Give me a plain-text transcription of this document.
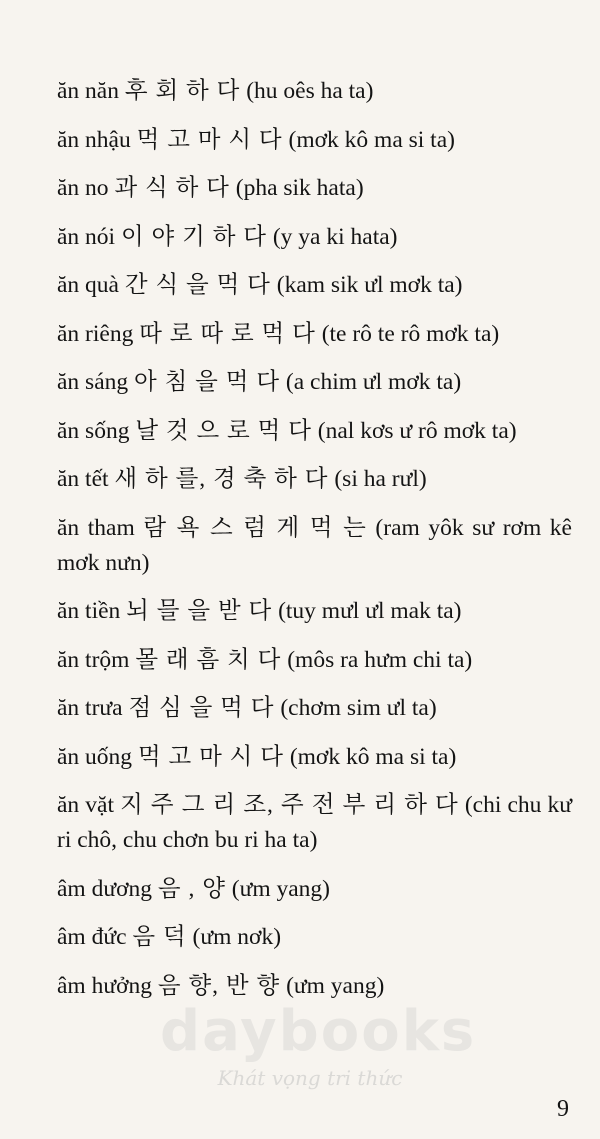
ăn năn 후 회 하 다 (hu oês ha ta)

ăn nhậu 먹 고 마 시 다 (mơk kô ma si ta)

ăn no 과 식 하 다 (pha sik hata)

ăn nói 이 야 기 하 다 (y ya ki hata)

ăn quà 간 식 을 먹 다 (kam sik ưl mơk ta)

ăn riêng 따 로 따 로 먹 다 (te rô te rô mơk ta)

ăn sáng 아 침 을 먹 다 (a chim ưl mơk ta)

ăn sống 날 것 으 로 먹 다 (nal kơs ư rô mơk ta)

ăn tết 새 하 를, 경 축 하 다 (si ha rưl)

ăn tham 람 욕 스 럼 게 먹 는 (ram yôk sư rơm kê mơk nưn)

ăn tiền 뇌 믈 을 받 다 (tuy mưl ưl mak ta)

ăn trộm 몰 래 흠 치 다 (môs ra hưm chi ta)

ăn trưa 점 심 을 먹 다 (chơm sim ưl ta)

ăn uống 먹 고 마 시 다 (mơk kô ma si ta)

ăn vặt 지 주 그 리 조, 주 전 부 리 하 다 (chi chu kư ri chô, chu chơn bu ri ha ta)

âm dương 음 , 양 (ưm yang)

âm đức 음 덕 (ưm nơk)

âm hưởng 음 향, 반 향 (ưm yang)

daybooks
Khát vọng tri thức
9
